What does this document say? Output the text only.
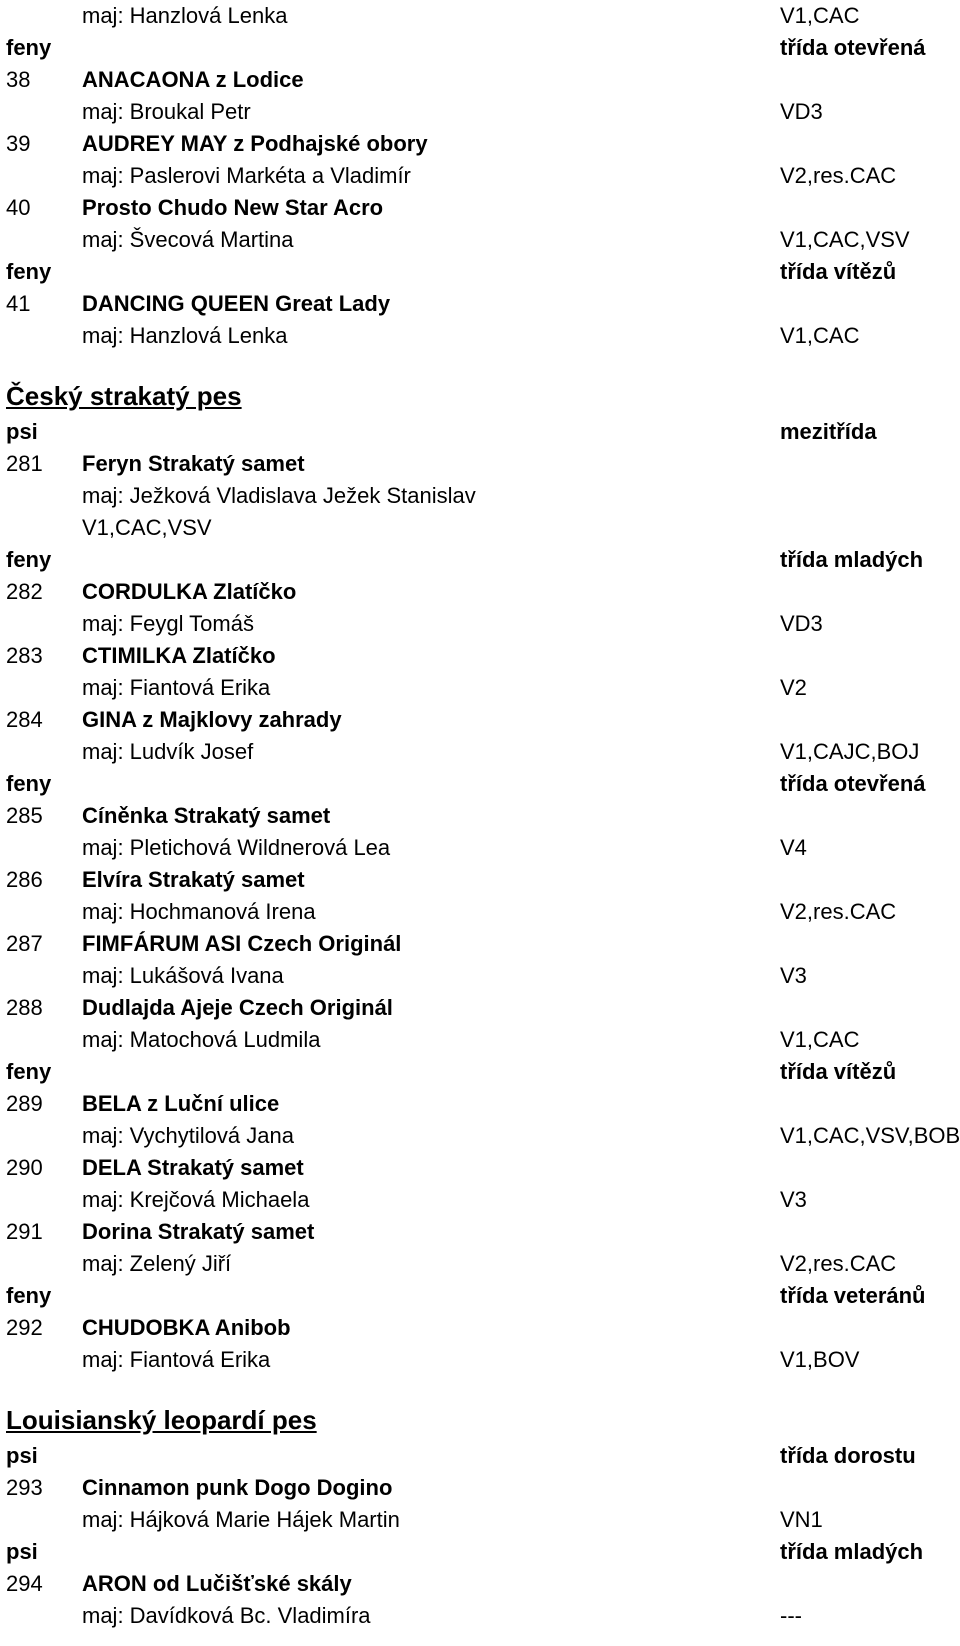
maj: Hanzlová Lenka	V1,CAC
feny	třída otevřená
38 ANACAONA z Lodice
maj: Broukal Petr	VD3
39 AUDREY MAY z Podhajské obory
maj: Paslerovi Markéta a Vladimír	V2,res.CAC
40 Prosto Chudo New Star Acro
maj: Švecová Martina	V1,CAC,VSV
feny	třída vítězů
41 DANCING QUEEN Great Lady
maj: Hanzlová Lenka	V1,CAC
Český strakatý pes
psi	mezitřída
281 Feryn Strakatý samet
maj: Ježková Vladislava Ježek Stanislav
V1,CAC,VSV
feny	třída mladých
282 CORDULKA Zlatíčko
maj: Feygl Tomáš	VD3
283 CTIMILKA Zlatíčko
maj: Fiantová Erika	V2
284 GINA z Majklovy zahrady
maj: Ludvík Josef	V1,CAJC,BOJ
feny	třída otevřená
285 Cíněnka Strakatý samet
maj: Pletichová Wildnerová Lea	V4
286 Elvíra Strakatý samet
maj: Hochmanová Irena	V2,res.CAC
287 FIMFÁRUM ASI Czech Originál
maj: Lukášová Ivana	V3
288 Dudlajda Ajeje Czech Originál
maj: Matochová Ludmila	V1,CAC
feny	třída vítězů
289 BELA z Luční ulice
maj: Vychytilová Jana	V1,CAC,VSV,BOB
290 DELA Strakatý samet
maj: Krejčová Michaela	V3
291 Dorina Strakatý samet
maj: Zelený Jiří	V2,res.CAC
feny	třída veteránů
292 CHUDOBKA Anibob
maj: Fiantová Erika	V1,BOV
Louisianský leopardí pes
psi	třída dorostu
293 Cinnamon punk Dogo Dogino
maj: Hájková Marie Hájek Martin	VN1
psi	třída mladých
294 ARON od Lučišťské skály
maj: Davídková Bc. Vladimíra	---
